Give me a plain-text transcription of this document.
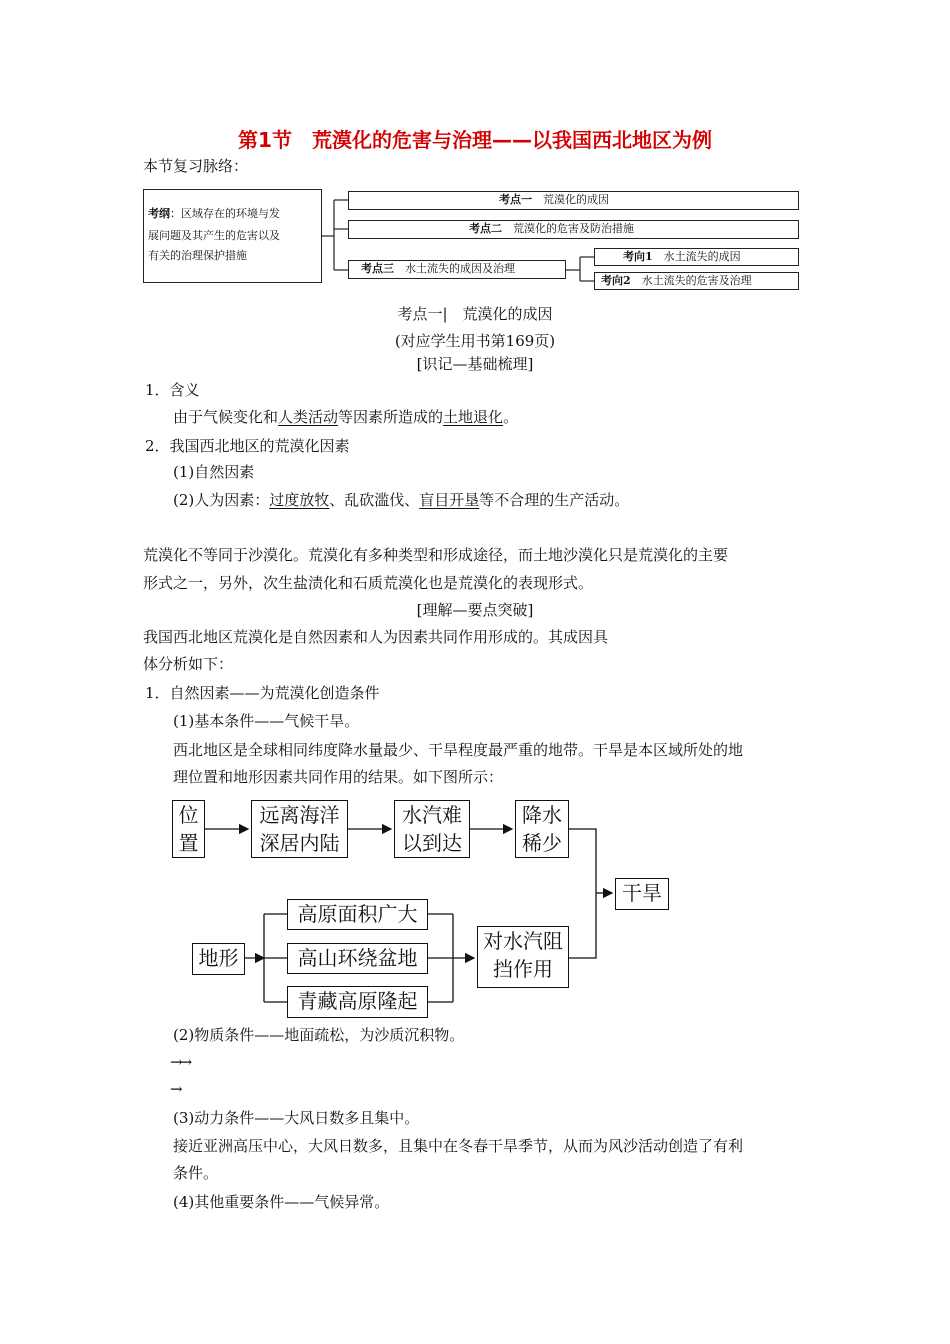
第1节　荒漠化的危害与治理——以我国西北地区为例
本节复习脉络：
考纲：区域存在的环境与发
展问题及其产生的危害以及
有关的治理保护措施
考点一　 荒漠化的成因
考点二　 荒漠化的危害及防治措施
考点三　 水土流失的成因及治理
考向1　 水土流失的成因
考向2　 水土流失的危害及治理
考点一|　荒漠化的成因
(对应学生用书第169页)
[识记—基础梳理]
1．含义
由于气候变化和人类活动等因素所造成的土地退化。
2．我国西北地区的荒漠化因素
(1)自然因素
(2)人为因素：过度放牧、乱砍滥伐、盲目开垦等不合理的生产活动。
荒漠化不等同于沙漠化。荒漠化有多种类型和形成途径，而土地沙漠化只是荒漠化的主要
形式之一，另外，次生盐渍化和石质荒漠化也是荒漠化的表现形式。
[理解—要点突破]
我国西北地区荒漠化是自然因素和人为因素共同作用形成的。其成因具
体分析如下：
1．自然因素——为荒漠化创造条件
(1)基本条件——气候干旱。
西北地区是全球相同纬度降水量最少、干旱程度最严重的地带。干旱是本区域所处的地
理位置和地形因素共同作用的结果。如下图所示：
位
置
远离海洋
深居内陆
水汽难
以到达
降水
稀少
干旱
地形
高原面积广大
高山环绕盆地
青藏高原隆起
对水汽阻
挡作用
(2)物质条件——地面疏松，为沙质沉积物。
→→
→
(3)动力条件——大风日数多且集中。
接近亚洲高压中心，大风日数多，且集中在冬春干旱季节，从而为风沙活动创造了有利
条件。
(4)其他重要条件——气候异常。
